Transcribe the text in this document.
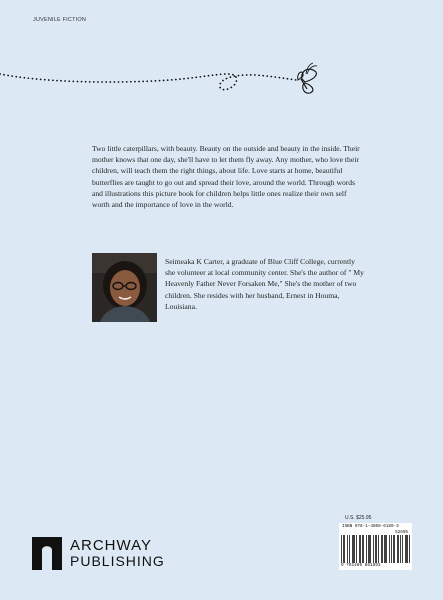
JUVENILE FICTION

Two little caterpillars, with beauty. Beauty on the outside and beauty in the inside. Their mother knows that one day, she'll have to let them fly away. Any mother, who love their children, will teach them the right things, about life. Love starts at home, beautiful butterflies are taught to go out and spread their love, around the world. Through words and illustrations this picture book for children helps little ones realize their own self worth and the importance of love in the world.

Seimeaka K Carter, a graduate of Blue Cliff College, currently she volunteer at local community center. She's the author of " My Heavenly Father Never Forsaken Me," She's the mother of two children. She resides with her husband, Ernest in Houma, Louisiana.

U.S. $25.95
ISBN 978-1-4808-6189-3
52595
9 781480 861893
ARCHWAY
PUBLISHING
